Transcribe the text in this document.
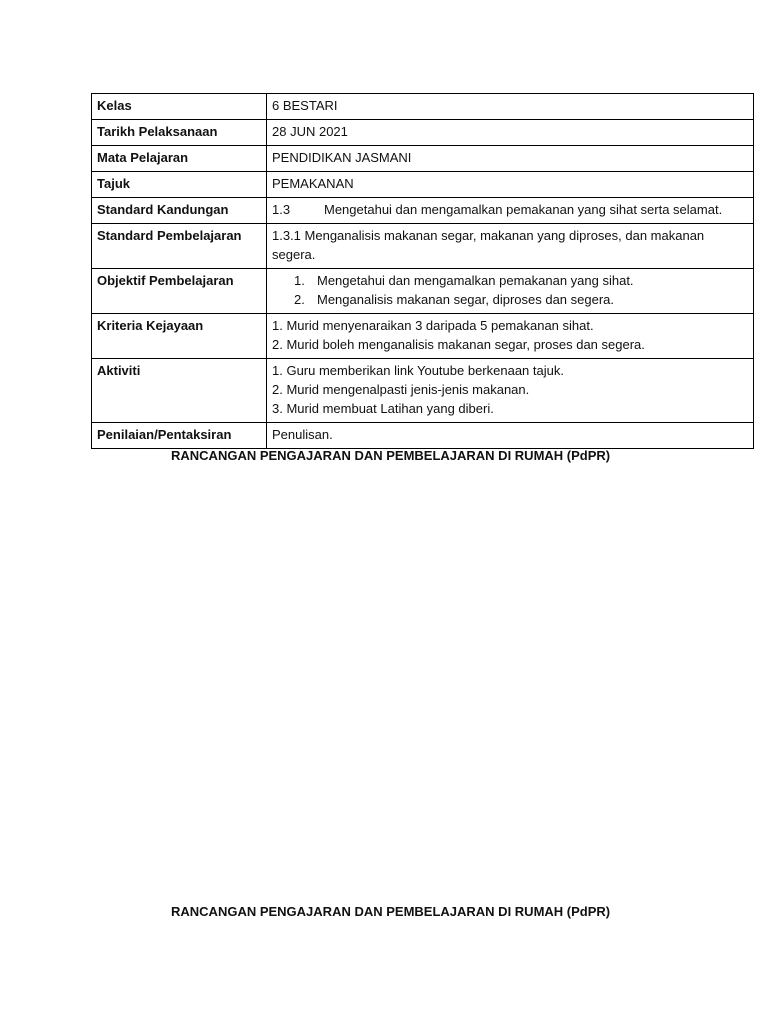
Kelas	6 BESTARI

Tarikh Pelaksanaan	28 JUN 2021

Mata Pelajaran	PENDIDIKAN JASMANI

Tajuk	PEMAKANAN

Standard Kandungan	1.3 Mengetahui dan mengamalkan pemakanan yang sihat serta selamat.
Standard Pembelajaran	1.3.1 Menganalisis makanan segar, makanan yang diproses, dan makanan segera.

Objektif Pembelajaran	1. Mengetahui dan mengamalkan pemakanan yang sihat.
2. Menganalisis makanan segar, diproses dan segera.

Kriteria Kejayaan	1. Murid menyenaraikan 3 daripada 5 pemakanan sihat.
2. Murid boleh menganalisis makanan segar, proses dan segera.

Aktiviti	1. Guru memberikan link Youtube berkenaan tajuk.
2. Murid mengenalpasti jenis-jenis makanan.
3. Murid membuat Latihan yang diberi.

Penilaian/Pentaksiran	Penulisan.
RANCANGAN PENGAJARAN DAN PEMBELAJARAN DI RUMAH (PdPR)
RANCANGAN PENGAJARAN DAN PEMBELAJARAN DI RUMAH (PdPR)
